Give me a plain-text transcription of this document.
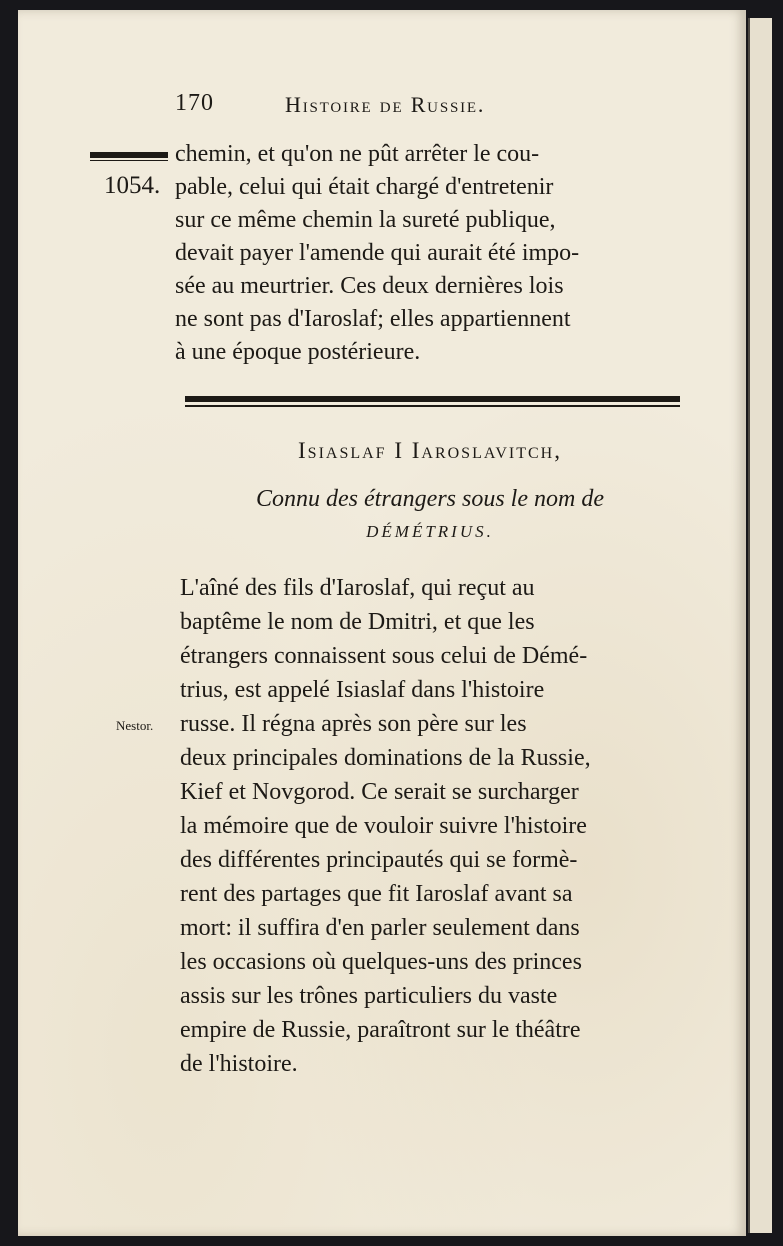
170	Histoire de Russie.
1054.
chemin, et qu'on ne pût arrêter le cou-
pable, celui qui était chargé d'entretenir
sur ce même chemin la sureté publique,
devait payer l'amende qui aurait été impo-
sée au meurtrier. Ces deux dernières lois
ne sont pas d'Iaroslaf; elles appartiennent
à une époque postérieure.
Isiaslaf I Iaroslavitch,
Connu des étrangers sous le nom de
DÉMÉTRIUS.
Nestor.
L'aîné des fils d'Iaroslaf, qui reçut au
baptême le nom de Dmitri, et que les
étrangers connaissent sous celui de Démé-
trius, est appelé Isiaslaf dans l'histoire
russe. Il régna après son père sur les
deux principales dominations de la Russie,
Kief et Novgorod. Ce serait se surcharger
la mémoire que de vouloir suivre l'histoire
des différentes principautés qui se formè-
rent des partages que fit Iaroslaf avant sa
mort: il suffira d'en parler seulement dans
les occasions où quelques-uns des princes
assis sur les trônes particuliers du vaste
empire de Russie, paraîtront sur le théâtre
de l'histoire.
